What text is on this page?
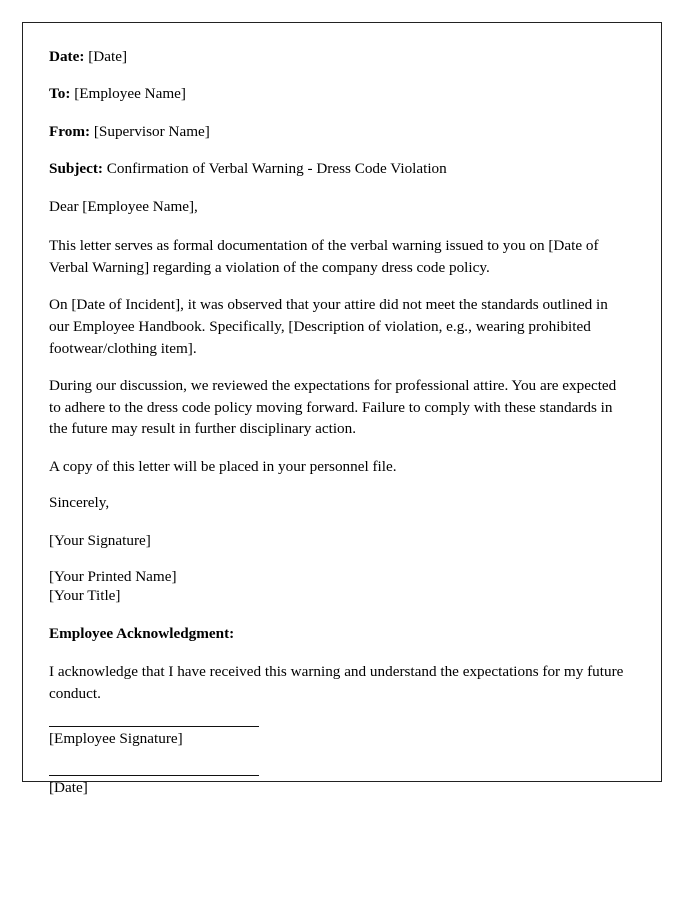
Date: [Date]

To: [Employee Name]

From: [Supervisor Name]

Subject: Confirmation of Verbal Warning - Dress Code Violation

Dear [Employee Name],

This letter serves as formal documentation of the verbal warning issued to you on [Date of Verbal Warning] regarding a violation of the company dress code policy.

On [Date of Incident], it was observed that your attire did not meet the standards outlined in our Employee Handbook. Specifically, [Description of violation, e.g., wearing prohibited footwear/clothing item].

During our discussion, we reviewed the expectations for professional attire. You are expected to adhere to the dress code policy moving forward. Failure to comply with these standards in the future may result in further disciplinary action.

A copy of this letter will be placed in your personnel file.

Sincerely,

[Your Signature]

[Your Printed Name]
[Your Title]

Employee Acknowledgment:

I acknowledge that I have received this warning and understand the expectations for my future conduct.

[Employee Signature]

[Date]
